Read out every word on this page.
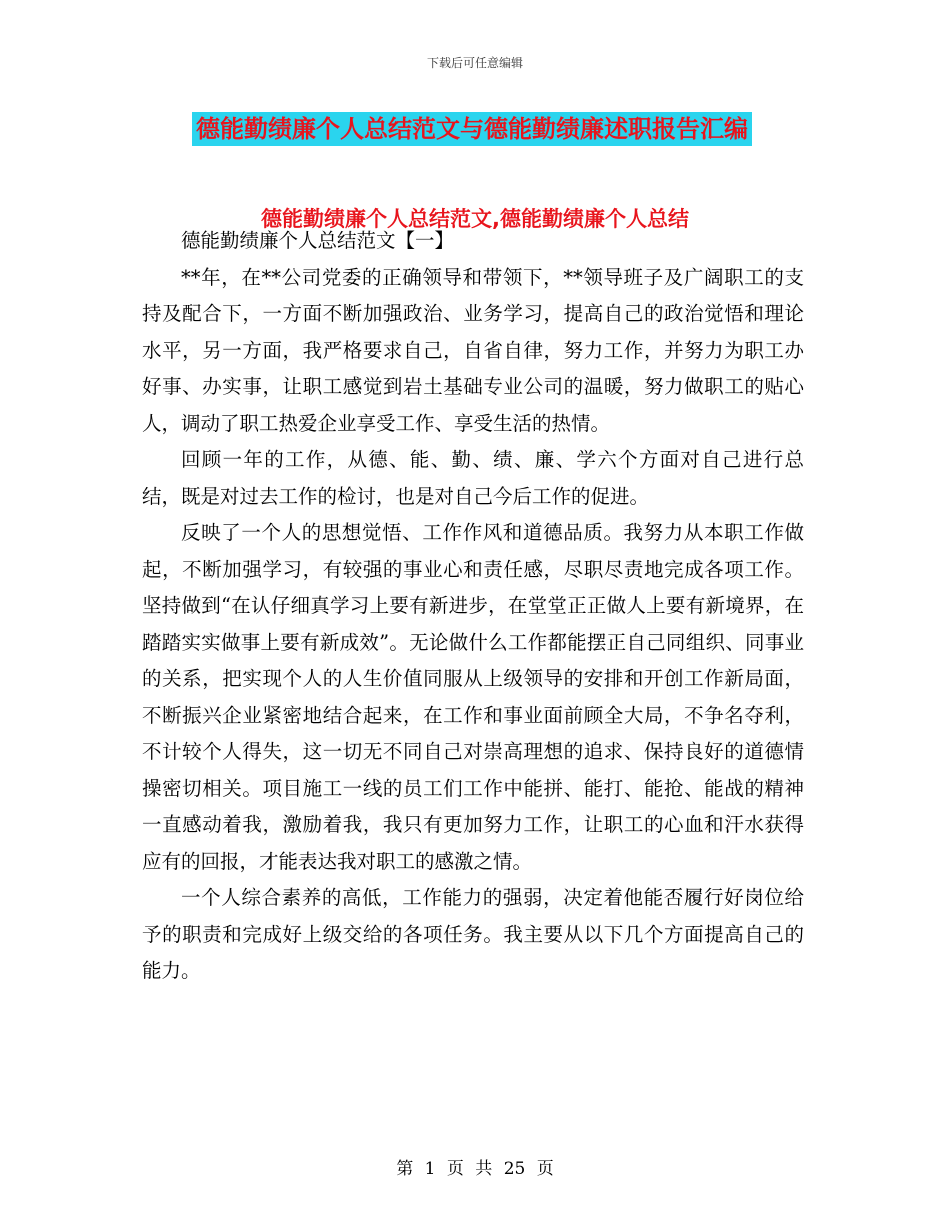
下载后可任意编辑
德能勤绩廉个人总结范文与德能勤绩廉述职报告汇编
德能勤绩廉个人总结范文,德能勤绩廉个人总结

德能勤绩廉个人总结范文【一】

**年，在**公司党委的正确领导和带领下，**领导班子及广阔职工的支持及配合下，一方面不断加强政治、业务学习，提高自己的政治觉悟和理论水平，另一方面，我严格要求自己，自省自律，努力工作，并努力为职工办好事、办实事，让职工感觉到岩土基础专业公司的温暖，努力做职工的贴心人，调动了职工热爱企业享受工作、享受生活的热情。

回顾一年的工作，从德、能、勤、绩、廉、学六个方面对自己进行总结，既是对过去工作的检讨，也是对自己今后工作的促进。

反映了一个人的思想觉悟、工作作风和道德品质。我努力从本职工作做起，不断加强学习，有较强的事业心和责任感，尽职尽责地完成各项工作。坚持做到“在认仔细真学习上要有新进步，在堂堂正正做人上要有新境界，在踏踏实实做事上要有新成效”。无论做什么工作都能摆正自己同组织、同事业的关系，把实现个人的人生价值同服从上级领导的安排和开创工作新局面，不断振兴企业紧密地结合起来，在工作和事业面前顾全大局，不争名夺利，不计较个人得失，这一切无不同自己对崇高理想的追求、保持良好的道德情操密切相关。项目施工一线的员工们工作中能拼、能打、能抢、能战的精神一直感动着我，激励着我，我只有更加努力工作，让职工的心血和汗水获得应有的回报，才能表达我对职工的感激之情。

一个人综合素养的高低，工作能力的强弱，决定着他能否履行好岗位给予的职责和完成好上级交给的各项任务。我主要从以下几个方面提高自己的能力。

第 1 页 共 25 页
